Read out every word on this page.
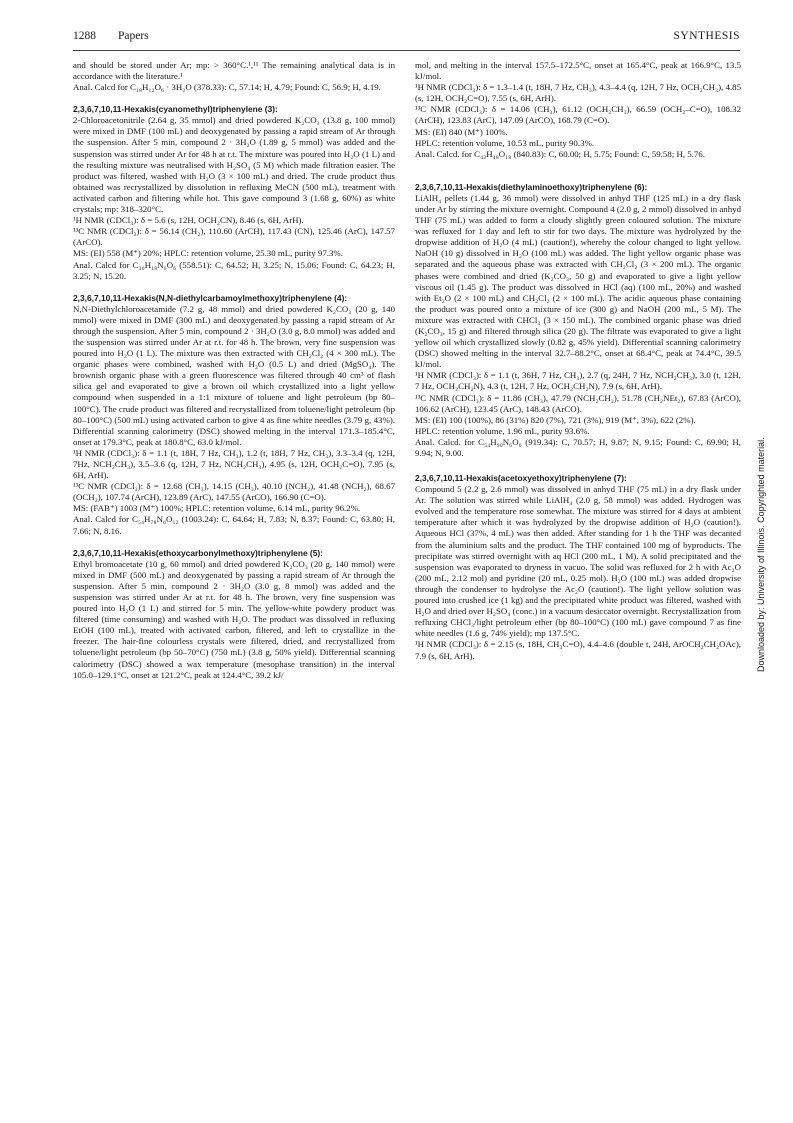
1288 Papers	SYNTHESIS

and should be stored under Ar; mp: > 360°C.¹,¹¹ The remaining analytical data is in accordance with the literature.¹

Anal. Calcd for C₁₈H₁₂O₆ · 3H₂O (378.33): C, 57.14; H, 4.79; Found: C, 56.9; H, 4.19.

2,3,6,7,10,11-Hexakis(cyanomethyl)triphenylene (3):

2-Chloroacetonitrile (2.64 g, 35 mmol) and dried powdered K₂CO₃ (13.8 g, 100 mmol) were mixed in DMF (100 mL) and deoxygenated by passing a rapid stream of Ar through the suspension. After 5 min, compound 2 · 3H₂O (1.89 g, 5 mmol) was added and the suspension was stirred under Ar for 48 h at r.t. The mixture was poured into H₂O (1 L) and the resulting mixture was neutralised with H₂SO₄ (5 M) which made filtration easier. The product was filtered, washed with H₂O (3 × 100 mL) and dried. The crude product thus obtained was recrystallized by dissolution in refluxing MeCN (500 mL), treatment with activated carbon and filtering while hot. This gave compound 3 (1.68 g, 60%) as white crystals; mp: 318–320°C.

¹H NMR (CDCl₃): δ = 5.6 (s, 12H, OCH₂CN), 8.46 (s, 6H, ArH).

¹³C NMR (CDCl₃): δ = 56.14 (CH₂), 110.60 (ArCH), 117.43 (CN), 125.46 (ArC), 147.57 (ArCO).

MS: (EI) 558 (M⁺) 20%; HPLC: retention volume, 25.30 mL, purity 97.3%.

Anal. Calcd for C₃₀H₁₈N₆O₆ (558.51): C, 64.52; H, 3.25; N, 15.06; Found: C, 64.23; H, 3.25; N, 15.20.

2,3,6,7,10,11-Hexakis(N,N-diethylcarbamoylmethoxy)triphenylene (4):

N,N-Diethylchloroacetamide (7.2 g, 48 mmol) and dried powdered K₂CO₃ (20 g, 140 mmol) were mixed in DMF (300 mL) and deoxygenated by passing a rapid stream of Ar through the suspension. After 5 min, compound 2 · 3H₂O (3.0 g, 8.0 mmol) was added and the suspension was stirred under Ar at r.t. for 48 h. The brown, very fine suspension was poured into H₂O (1 L). The mixture was then extracted with CH₂Cl₂ (4 × 300 mL). The organic phases were combined, washed with H₂O (0.5 L) and dried (MgSO₄). The brownish organic phase with a green fluorescence was filtered through 40 cm³ of flash silica gel and evaporated to give a brown oil which crystallized into a light yellow compound when suspended in a 1:1 mixture of toluene and light petroleum (bp 80–100°C). The crude product was filtered and recrystallized from toluene/light petroleum (bp 80–100°C) (500 mL) using activated carbon to give 4 as fine white needles (3.79 g, 43%). Differential scanning calorimetry (DSC) showed melting in the interval 171.3–185.4°C, onset at 179.3°C, peak at 180.8°C, 63.0 kJ/mol.

¹H NMR (CDCl₃): δ = 1.1 (t, 18H, 7 Hz, CH₃), 1.2 (t, 18H, 7 Hz, CH₃), 3.3–3.4 (q, 12H, 7Hz, NCH₂CH₃), 3.5–3.6 (q, 12H, 7 Hz, NCH₂CH₃), 4.95 (s, 12H, OCH₂C=O), 7.95 (s, 6H, ArH).

¹³C NMR (CDCl₃): δ = 12.68 (CH₃), 14.15 (CH₃), 40.10 (NCH₂), 41.48 (NCH₂), 68.67 (OCH₂), 107.74 (ArCH), 123.89 (ArC), 147.55 (ArCO), 166.90 (C=O).

MS: (FAB⁺) 1003 (M⁺) 100%; HPLC: retention volume, 6.14 mL, purity 96.2%.

Anal. Calcd for C₅₄H₇₈N₆O₁₂ (1003.24): C, 64.64; H, 7.83; N, 8.37; Found: C, 63.80; H, 7.66; N, 8.16.

2,3,6,7,10,11-Hexakis(ethoxycarbonylmethoxy)triphenylene (5):

Ethyl bromoacetate (10 g, 60 mmol) and dried powdered K₂CO₃ (20 g, 140 mmol) were mixed in DMF (500 mL) and deoxygenated by passing a rapid stream of Ar through the suspension. After 5 min, compound 2 · 3H₂O (3.0 g, 8 mmol) was added and the suspension was stirred under Ar at r.t. for 48 h. The brown, very fine suspension was poured into H₂O (1 L) and stirred for 5 min. The yellow-white powdery product was filtered (time consuming) and washed with H₂O. The product was dissolved in refluxing EtOH (100 mL), treated with activated carbon, filtered, and left to crystallize in the freezer. The hair-fine colourless crystals were filtered, dried, and recrystallized from toluene/light petroleum (bp 50–70°C) (750 mL) (3.8 g, 50% yield). Differential scanning calorimetry (DSC) showed a wax temperature (mesophase transition) in the interval 105.0–129.1°C, onset at 121.2°C, peak at 124.4°C, 39.2 kJ/

mol, and melting in the interval 157.5–172.5°C, onset at 165.4°C, peak at 166.9°C, 13.5 kJ/mol.

¹H NMR (CDCl₃): δ = 1.3–1.4 (t, 18H, 7 Hz, CH₃), 4.3–4.4 (q, 12H, 7 Hz, OCH₂CH₃), 4.85 (s, 12H, OCH₂C=O), 7.55 (s, 6H, ArH).

¹³C NMR (CDCl₃): δ = 14.06 (CH₃), 61.12 (OCH₂CH₃), 66.59 (OCH₂–C=O), 108.32 (ArCH), 123.83 (ArC), 147.09 (ArCO), 168.79 (C=O).

MS: (EI) 840 (M⁺) 100%.

HPLC: retention volume, 10.53 mL, purity 90.3%.

Anal. Calcd. for C₄₂H₄₈O₁₈ (840.83): C, 60.00; H, 5.75; Found: C, 59.58; H, 5.76.

2,3,6,7,10,11-Hexakis(diethylaminoethoxy)triphenylene (6):

LiAlH₄ pellets (1.44 g, 36 mmol) were dissolved in anhyd THF (125 mL) in a dry flask under Ar by stirring the mixture overnight. Compound 4 (2.0 g, 2 mmol) dissolved in anhyd THF (75 mL) was added to form a cloudy slightly green coloured solution. The mixture was refluxed for 1 day and left to stir for two days. The mixture was hydrolyzed by the dropwise addition of H₂O (4 mL) (caution!), whereby the colour changed to light yellow. NaOH (10 g) dissolved in H₂O (100 mL) was added. The light yellow organic phase was separated and the aqueous phase was extracted with CH₂Cl₂ (3 × 200 mL). The organic phases were combined and dried (K₂CO₃, 50 g) and evaporated to give a light yellow viscous oil (1.45 g). The product was dissolved in HCl (aq) (100 mL, 20%) and washed with Et₂O (2 × 100 mL) and CH₂Cl₂ (2 × 100 mL). The acidic aqueous phase containing the product was poured onto a mixture of ice (300 g) and NaOH (200 mL, 5 M). The mixture was extracted with CHCl₃ (3 × 150 mL). The combined organic phase was dried (K₂CO₃, 15 g) and filtered through silica (20 g). The filtrate was evaporated to give a light yellow oil which crystallized slowly (0.82 g, 45% yield). Differential scanning calorimetry (DSC) showed melting in the interval 32.7–88.2°C, onset at 68.4°C, peak at 74.4°C, 39.5 kJ/mol.

¹H NMR (CDCl₃): δ = 1.1 (t, 36H, 7 Hz, CH₃), 2.7 (q, 24H, 7 Hz, NCH₂CH₃), 3.0 (t, 12H, 7 Hz, OCH₂CH₂N), 4.3 (t, 12H, 7 Hz, OCH₂CH₂N), 7.9 (s, 6H, ArH).

¹³C NMR (CDCl₃): δ = 11.86 (CH₃), 47.79 (NCH₂CH₃), 51.78 (CH₂NEt₂), 67.83 (ArCO), 106.62 (ArCH), 123.45 (ArC), 148.43 (ArCO).

MS: (EI) 100 (100%), 86 (31%) 820 (7%), 721 (3%), 919 (M⁺, 3%), 622 (2%).

HPLC: retention volume, 1.96 mL, purity 93.6%.

Anal. Calcd. for C₅₄H₉₀N₆O₆ (919.34): C, 70.57; H, 9.87; N, 9.15; Found: C, 69.90; H, 9.94; N, 9.00.

2,3,6,7,10,11-Hexakis(acetoxyethoxy)triphenylene (7):

Compound 5 (2.2 g, 2.6 mmol) was dissolved in anhyd THF (75 mL) in a dry flask under Ar. The solution was stirred while LiAlH₄ (2.0 g, 58 mmol) was added. Hydrogen was evolved and the temperature rose somewhat. The mixture was stirred for 4 days at ambient temperature after which it was hydrolyzed by the dropwise addition of H₂O (caution!). Aqueous HCl (37%, 4 mL) was then added. After standing for 1 h the THF was decanted from the aluminium salts and the product. The THF contained 100 mg of byproducts. The precipitate was stirred overnight with aq HCl (200 mL, 1 M). A solid precipitated and the suspension was evaporated to dryness in vacuo. The solid was refluxed for 2 h with Ac₂O (200 mL, 2.12 mol) and pyridine (20 mL, 0.25 mol). H₂O (100 mL) was added dropwise through the condenser to hydrolyse the Ac₂O (caution!). The light yellow solution was poured into crushed ice (1 kg) and the precipitated white product was filtered, washed with H₂O and dried over H₂SO₄ (conc.) in a vacuum desiccator overnight. Recrystallization from refluxing CHCl₃/light petroleum ether (bp 80–100°C) (100 mL) gave compound 7 as fine white needles (1.6 g, 74% yield); mp 137.5°C.

¹H NMR (CDCl₃): δ = 2.15 (s, 18H, CH₃C=O), 4.4–4.6 (double t, 24H, ArOCH₂CH₂OAc), 7.9 (s, 6H, ArH).	Downloaded by: University of Illinois. Copyrighted material.
